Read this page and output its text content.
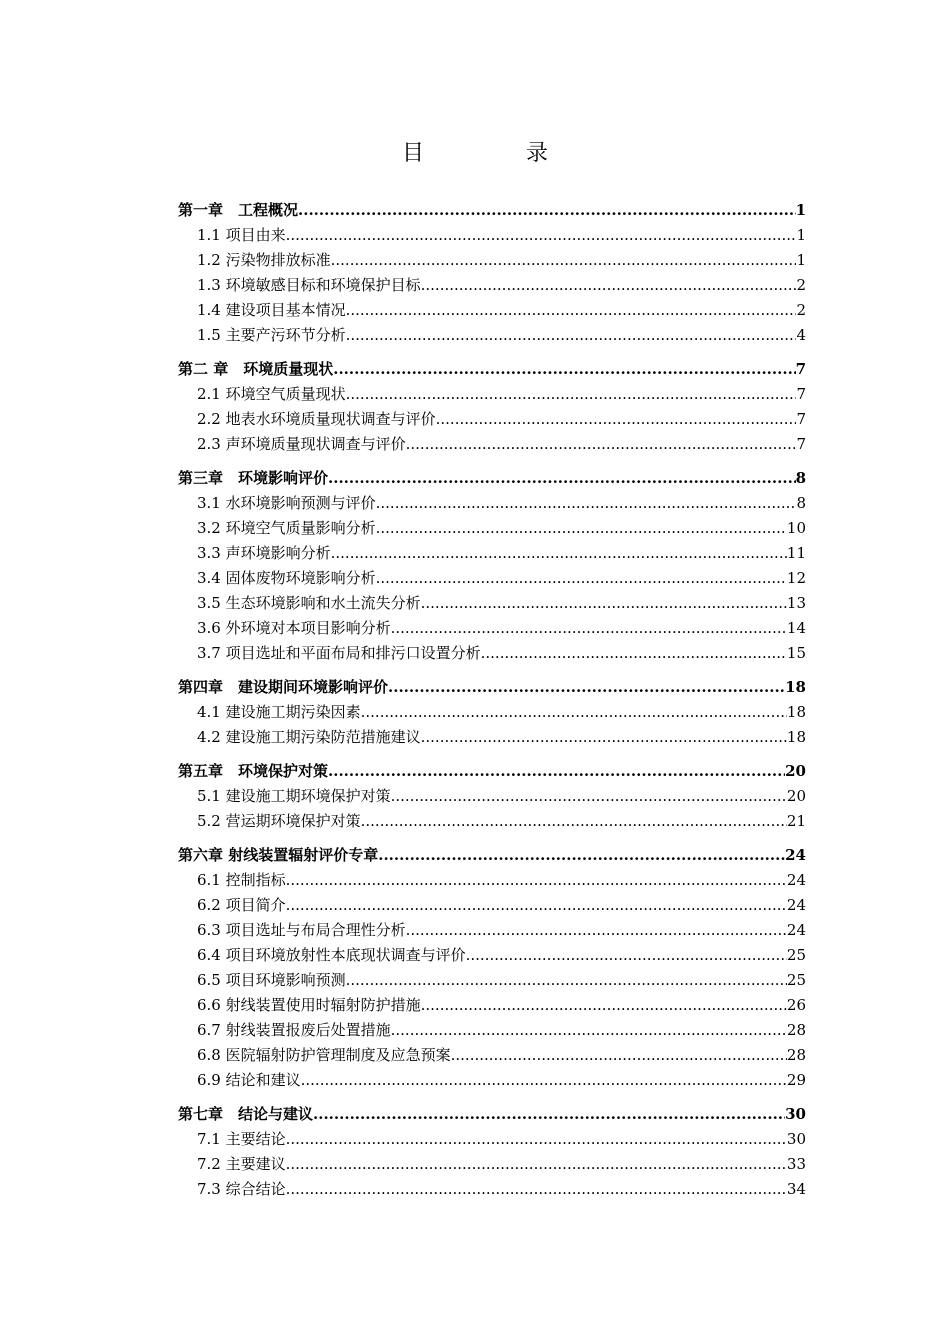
目　录
第一章　工程概况 .....	1
1.1 项目由来 .....	1
1.2 污染物排放标准 .....	1
1.3 环境敏感目标和环境保护目标 .....	2
1.4 建设项目基本情况 .....	2
1.5 主要产污环节分析 .....	4
第二 章　环境质量现状 .....	7
2.1 环境空气质量现状 .....	7
2.2 地表水环境质量现状调查与评价 .....	7
2.3 声环境质量现状调查与评价 .....	7
第三章　环境影响评价 .....	8
3.1 水环境影响预测与评价 .....	8
3.2 环境空气质量影响分析 .....	10
3.3 声环境影响分析 .....	11
3.4 固体废物环境影响分析 .....	12
3.5 生态环境影响和水土流失分析 .....	13
3.6 外环境对本项目影响分析 .....	14
3.7 项目选址和平面布局和排污口设置分析 .....	15
第四章　建设期间环境影响评价 .....	18
4.1 建设施工期污染因素 .....	18
4.2 建设施工期污染防范措施建议 .....	18
第五章　环境保护对策 .....	20
5.1 建设施工期环境保护对策 .....	20
5.2 营运期环境保护对策 .....	21
第六章 射线装置辐射评价专章 .....	24
6.1 控制指标 .....	24
6.2 项目简介 .....	24
6.3 项目选址与布局合理性分析 .....	24
6.4 项目环境放射性本底现状调查与评价 .....	25
6.5 项目环境影响预测 .....	25
6.6 射线装置使用时辐射防护措施 .....	26
6.7 射线装置报废后处置措施 .....	28
6.8 医院辐射防护管理制度及应急预案 .....	28
6.9 结论和建议 .....	29
第七章　结论与建议 .....	30
7.1 主要结论 .....	30
7.2 主要建议 .....	33
7.3 综合结论 .....	34
